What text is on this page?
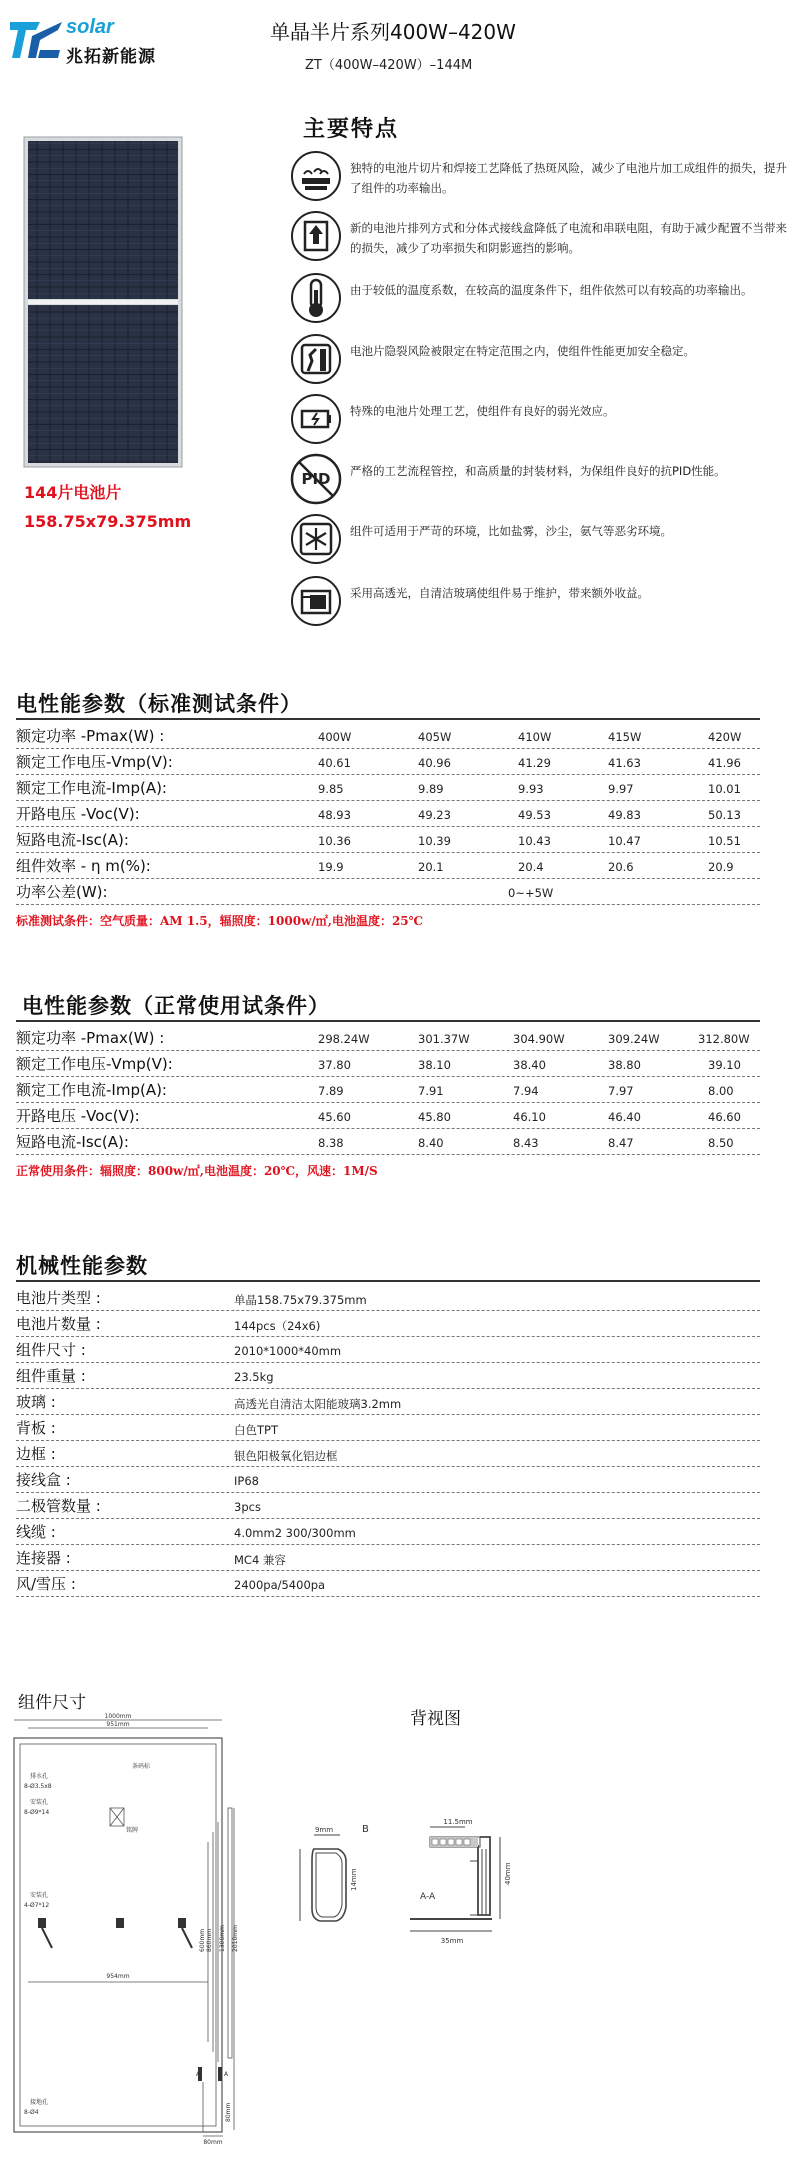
solar
兆拓新能源
单晶半片系列400W–420W
ZT（400W–420W）–144M
144片电池片
158.75x79.375mm
主要特点
独特的电池片切片和焊接工艺降低了热斑风险，减少了电池片加工成组件的损失，提升了组件的功率输出。
新的电池片排列方式和分体式接线盒降低了电流和串联电阻，有助于减少配置不当带来的损失，减少了功率损失和阴影遮挡的影响。
由于较低的温度系数，在较高的温度条件下，组件依然可以有较高的功率输出。
电池片隐裂风险被限定在特定范围之内，使组件性能更加安全稳定。
特殊的电池片处理工艺，使组件有良好的弱光效应。
PID 严格的工艺流程管控，和高质量的封装材料，为保组件良好的抗PID性能。
组件可适用于严苛的环境，比如盐雾，沙尘，氨气等恶劣环境。
采用高透光，自清洁玻璃使组件易于维护，带来额外收益。
电性能参数（标准测试条件）
额定功率 -Pmax(W) :	400W	405W	410W	415W	420W
额定工作电压-Vmp(V):	40.61	40.96	41.29	41.63	41.96
额定工作电流-Imp(A):	9.85	9.89	9.93	9.97	10.01
开路电压 -Voc(V):	48.93	49.23	49.53	49.83	50.13
短路电流-Isc(A):	10.36	10.39	10.43	10.47	10.51
组件效率 - η m(%):	19.9	20.1	20.4	20.6	20.9
功率公差(W):	0~+5W
标准测试条件：空气质量：AM 1.5，辐照度：1000w/㎡,电池温度：25℃
电性能参数（正常使用试条件）
额定功率 -Pmax(W) :	298.24W	301.37W	304.90W	309.24W	312.80W
额定工作电压-Vmp(V):	37.80	38.10	38.40	38.80	39.10
额定工作电流-Imp(A):	7.89	7.91	7.94	7.97	8.00
开路电压 -Voc(V):	45.60	45.80	46.10	46.40	46.60
短路电流-Isc(A):	8.38	8.40	8.43	8.47	8.50
正常使用条件：辐照度：800w/㎡,电池温度：20℃，风速：1M/S
机械性能参数
电池片类型 :	单晶158.75x79.375mm
电池片数量 :	144pcs（24x6)
组件尺寸 :	2010*1000*40mm
组件重量 :	23.5kg
玻璃 :	高透光自清洁太阳能玻璃3.2mm
背板 :	白色TPT
边框 :	银色阳极氧化铝边框
接线盒 :	IP68
二极管数量 :	3pcs
线缆 :	4.0mm2 300/300mm
连接器 :	MC4 兼容
风/雪压 :	2400pa/5400pa
组件尺寸
背视图
1000mm
951mm
排水孔
8-Ø3.5x8
条码标
安装孔
8-Ø9*14
铭牌
安装孔
4-Ø7*12
954mm
600mm 860mm 1300mm 2010mm
接地孔
8-Ø4
A	A
80mm
80mm
9mm	B
14mm
11.5mm
40mm
A-A
35mm
